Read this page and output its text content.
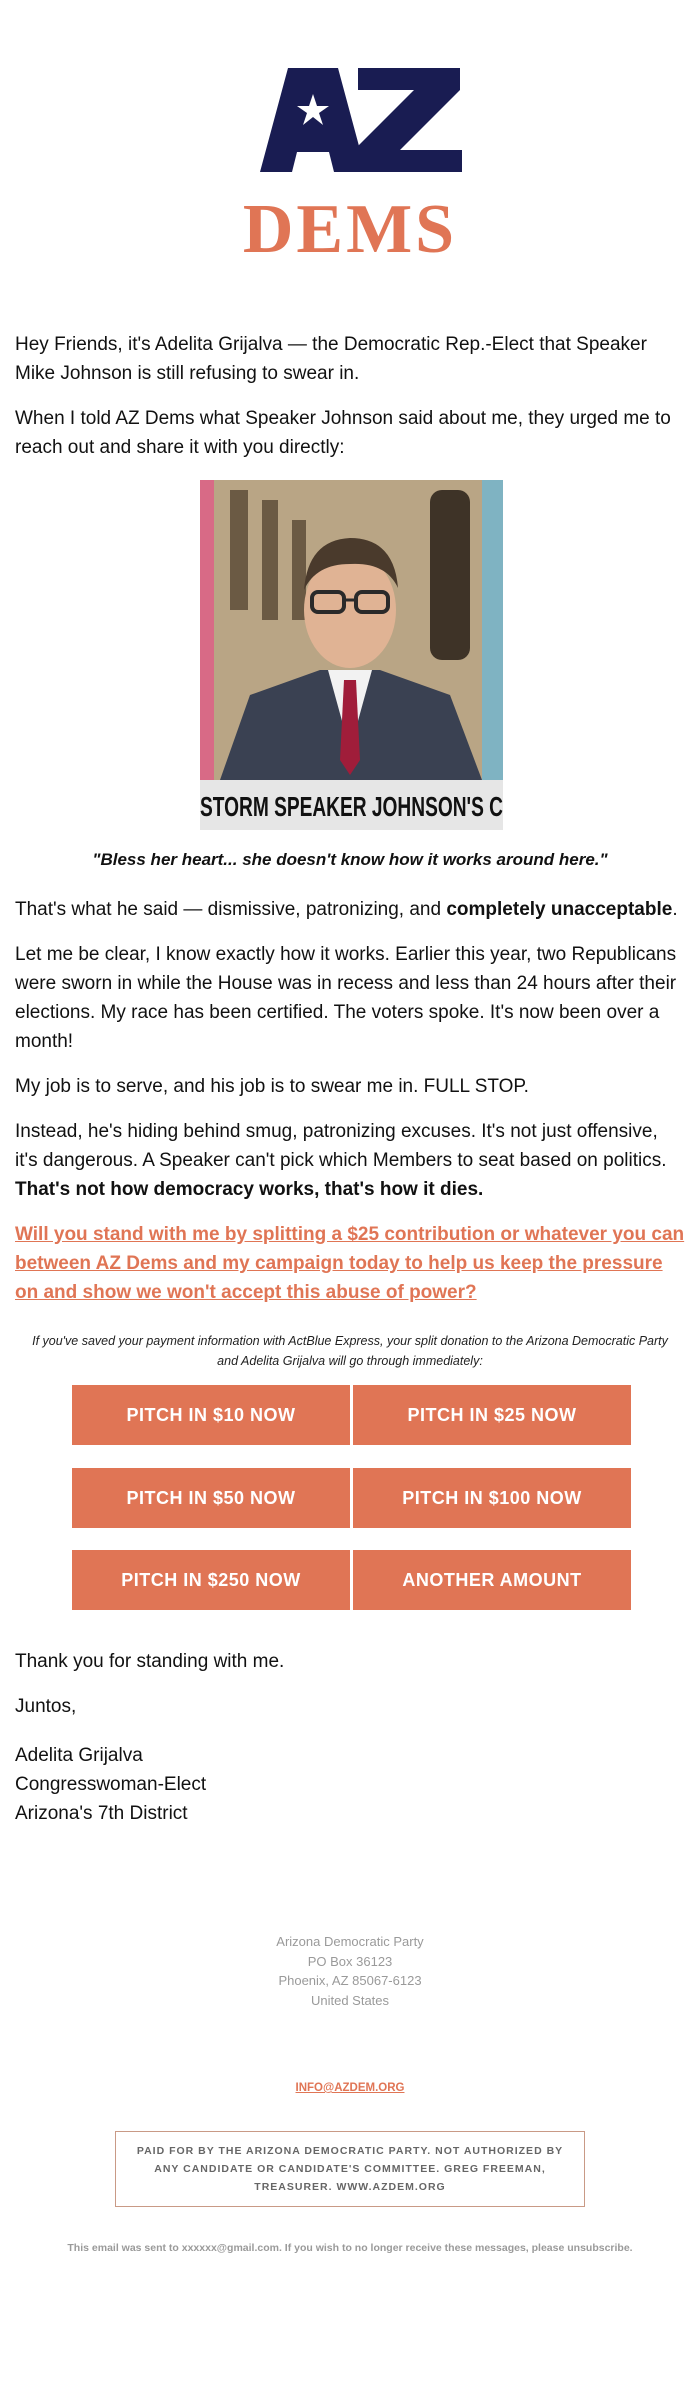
DEMS

Hey Friends, it's Adelita Grijalva — the Democratic Rep.-Elect that Speaker Mike Johnson is still refusing to swear in.

When I told AZ Dems what Speaker Johnson said about me, they urged me to reach out and share it with you directly:

STORM SPEAKER JOHNSON'S C
"Bless her heart... she doesn't know how it works around here."

That's what he said — dismissive, patronizing, and completely unacceptable.

Let me be clear, I know exactly how it works. Earlier this year, two Republicans were sworn in while the House was in recess and less than 24 hours after their elections. My race has been certified. The voters spoke. It's now been over a month!

My job is to serve, and his job is to swear me in. FULL STOP.

Instead, he's hiding behind smug, patronizing excuses. It's not just offensive, it's dangerous. A Speaker can't pick which Members to seat based on politics. That's not how democracy works, that's how it dies.

Will you stand with me by splitting a $25 contribution or whatever you can between AZ Dems and my campaign today to help us keep the pressure on and show we won't accept this abuse of power?

If you've saved your payment information with ActBlue Express, your split donation to the Arizona Democratic Party and Adelita Grijalva will go through immediately:
PITCH IN $10 NOW	PITCH IN $25 NOW
PITCH IN $50 NOW	PITCH IN $100 NOW
PITCH IN $250 NOW	ANOTHER AMOUNT
Thank you for standing with me.
Juntos,
Adelita Grijalva
Congresswoman-Elect
Arizona's 7th District
Arizona Democratic Party
PO Box 36123
Phoenix, AZ 85067-6123
United States
INFO@AZDEM.ORG
PAID FOR BY THE ARIZONA DEMOCRATIC PARTY. NOT AUTHORIZED BY ANY CANDIDATE OR CANDIDATE'S COMMITTEE. GREG FREEMAN, TREASURER. WWW.AZDEM.ORG
This email was sent to xxxxxx@gmail.com. If you wish to no longer receive these messages, please unsubscribe.
